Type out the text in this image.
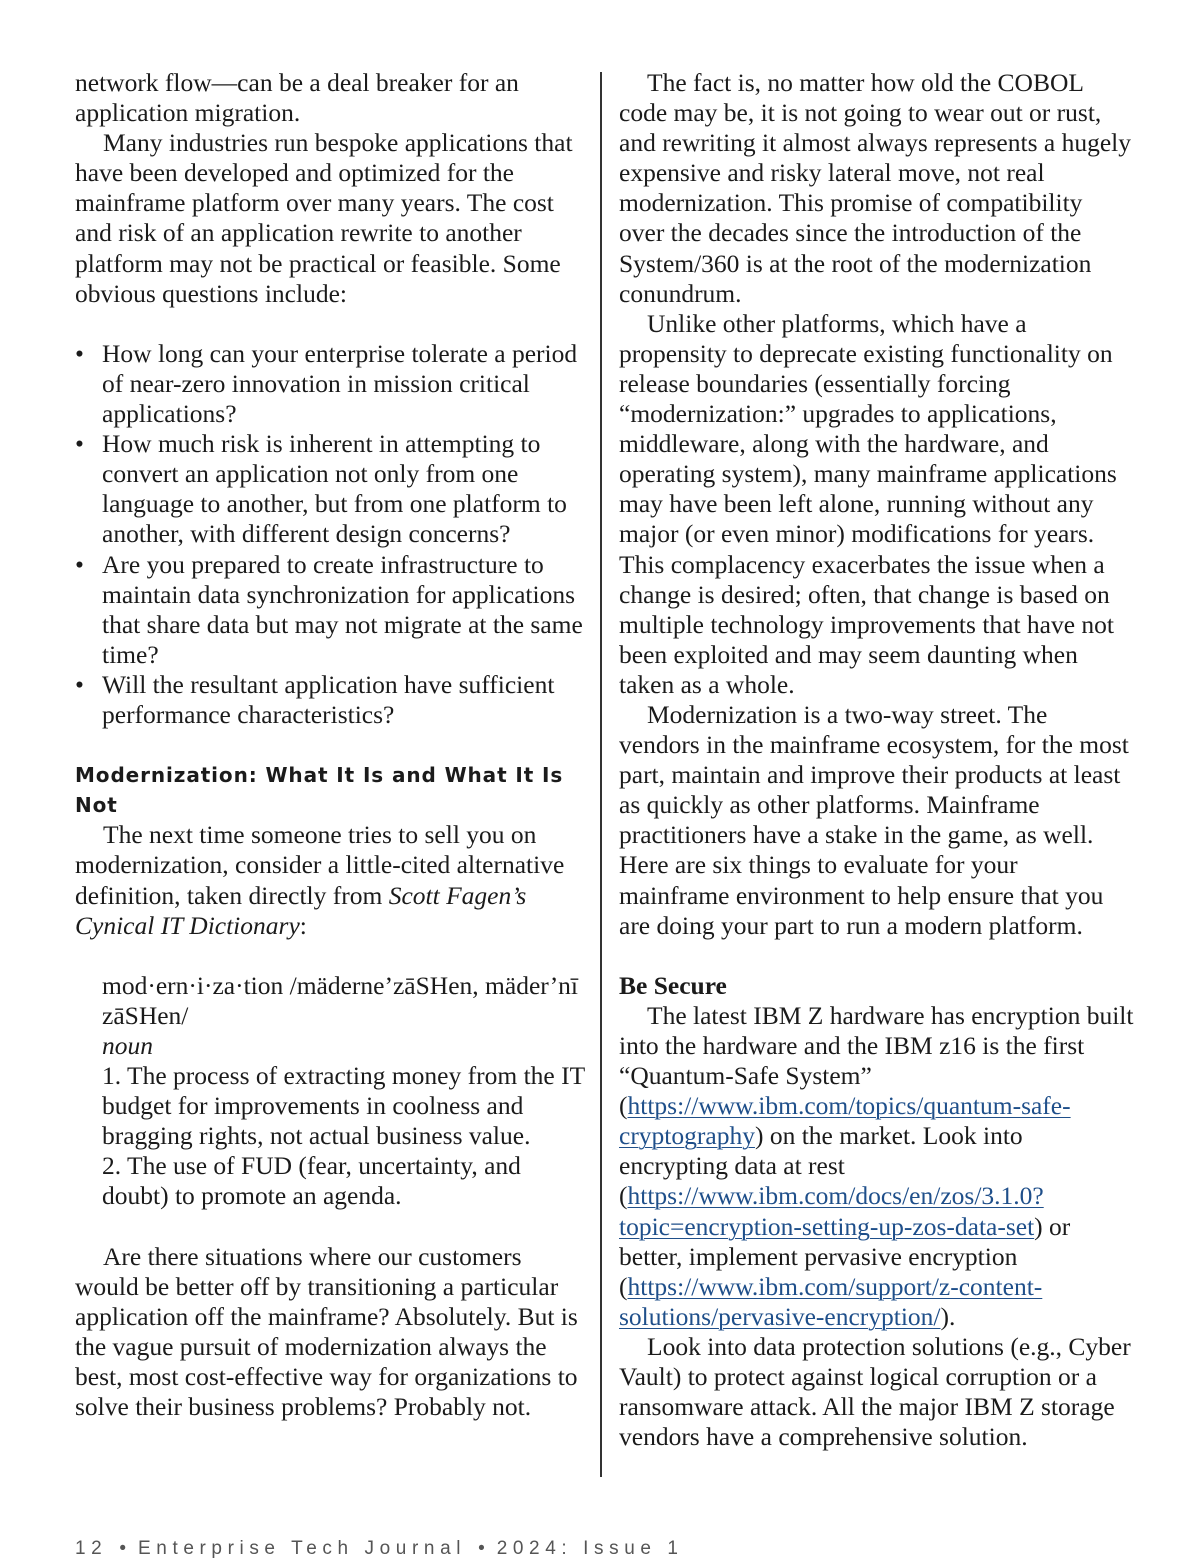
network flow—can be a deal breaker for an application migration.

Many industries run bespoke applications that have been developed and optimized for the mainframe platform over many years. The cost and risk of an application rewrite to another platform may not be practical or feasible. Some obvious questions include:

• How long can your enterprise tolerate a period of near-zero innovation in mission critical applications?
• How much risk is inherent in attempting to convert an application not only from one language to another, but from one platform to another, with different design concerns?
• Are you prepared to create infrastructure to maintain data synchronization for applications that share data but may not migrate at the same time?
• Will the resultant application have sufficient performance characteristics?

Modernization: What It Is and What It Is Not

The next time someone tries to sell you on modernization, consider a little-cited alternative definition, taken directly from Scott Fagen’s Cynical IT Dictionary:

mod·ern·i·za·tion /mäderne’zāSHen, mäder’nī zāSHen/

noun

1. The process of extracting money from the IT budget for improvements in coolness and bragging rights, not actual business value.

2. The use of FUD (fear, uncertainty, and doubt) to promote an agenda.

Are there situations where our customers would be better off by transitioning a particular application off the mainframe? Absolutely. But is the vague pursuit of modernization always the best, most cost-effective way for organizations to solve their business problems? Probably not.

The fact is, no matter how old the COBOL code may be, it is not going to wear out or rust, and rewriting it almost always represents a hugely expensive and risky lateral move, not real modernization. This promise of compatibility over the decades since the introduction of the System/360 is at the root of the modernization conundrum.

Unlike other platforms, which have a propensity to deprecate existing functionality on release boundaries (essentially forcing “modernization:” upgrades to applications, middleware, along with the hardware, and operating system), many mainframe applications may have been left alone, running without any major (or even minor) modifications for years. This complacency exacerbates the issue when a change is desired; often, that change is based on multiple technology improvements that have not been exploited and may seem daunting when taken as a whole.

Modernization is a two-way street. The vendors in the mainframe ecosystem, for the most part, maintain and improve their products at least as quickly as other platforms. Mainframe practitioners have a stake in the game, as well. Here are six things to evaluate for your mainframe environment to help ensure that you are doing your part to run a modern platform.

Be Secure

The latest IBM Z hardware has encryption built into the hardware and the IBM z16 is the first “Quantum-Safe System” (https://www.ibm.com/topics/quantum-safe-cryptography) on the market. Look into encrypting data at rest (https://www.ibm.com/docs/en/zos/3.1.0?topic=encryption-setting-up-zos-data-set) or better, implement pervasive encryption (https://www.ibm.com/support/z-content-solutions/pervasive-encryption/).

Look into data protection solutions (e.g., Cyber Vault) to protect against logical corruption or a ransomware attack. All the major IBM Z storage vendors have a comprehensive solution.

12 • Enterprise Tech Journal • 2024: Issue 1
